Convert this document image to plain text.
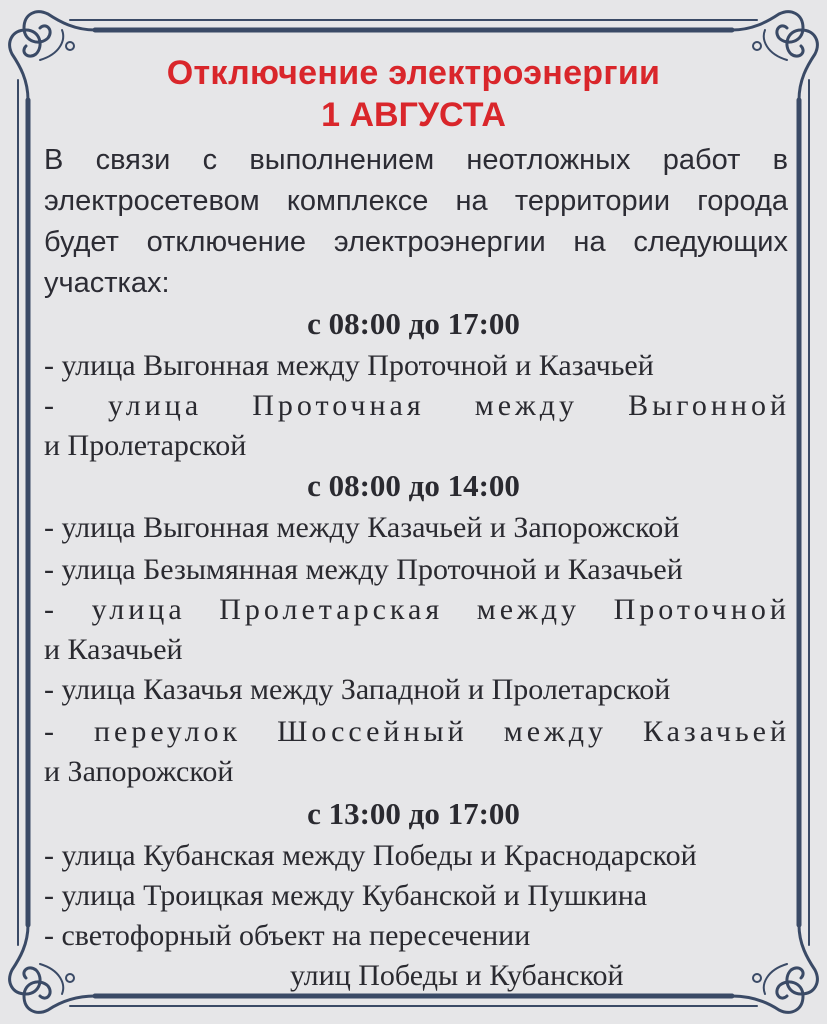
Отключение электроэнергии
1 АВГУСТА

В связи с выполнением неотложных работ в электросетевом комплексе на территории города будет отключение электроэнергии на следующих участках:

с 08:00 до 17:00

- улица Выгонная между Проточной и Казачьей

- улица Проточная между Выгонной

и Пролетарской

с 08:00 до 14:00

- улица Выгонная между Казачьей и Запорожской

- улица Безымянная между Проточной и Казачьей

- улица Пролетарская между Проточной

и Казачьей

- улица Казачья между Западной и Пролетарской

- переулок Шоссейный между Казачьей

и Запорожской

с 13:00 до 17:00

- улица Кубанская между Победы и Краснодарской

- улица Троицкая между Кубанской и Пушкина

- светофорный объект на пересечении

улиц Победы и Кубанской
